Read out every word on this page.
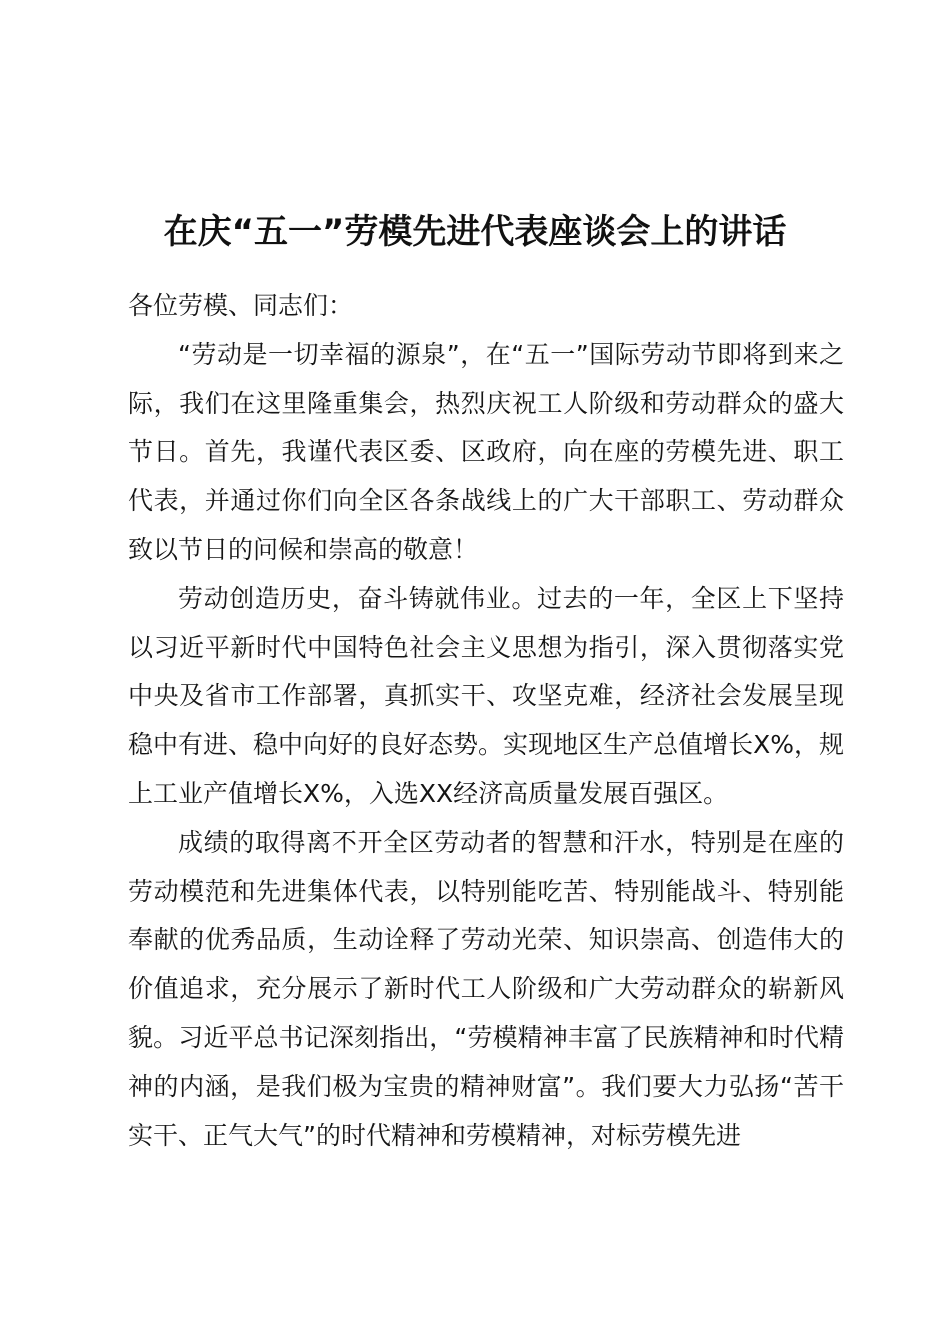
在庆“五一”劳模先进代表座谈会上的讲话

各位劳模、同志们：

“劳动是一切幸福的源泉”，在“五一”国际劳动节即将到来之际，我们在这里隆重集会，热烈庆祝工人阶级和劳动群众的盛大节日。首先，我谨代表区委、区政府，向在座的劳模先进、职工代表，并通过你们向全区各条战线上的广大干部职工、劳动群众致以节日的问候和崇高的敬意！

劳动创造历史，奋斗铸就伟业。过去的一年，全区上下坚持以习近平新时代中国特色社会主义思想为指引，深入贯彻落实党中央及省市工作部署，真抓实干、攻坚克难，经济社会发展呈现稳中有进、稳中向好的良好态势。实现地区生产总值增长X%，规上工业产值增长X%，入选XX经济高质量发展百强区。

成绩的取得离不开全区劳动者的智慧和汗水，特别是在座的劳动模范和先进集体代表，以特别能吃苦、特别能战斗、特别能奉献的优秀品质，生动诠释了劳动光荣、知识崇高、创造伟大的价值追求，充分展示了新时代工人阶级和广大劳动群众的崭新风貌。习近平总书记深刻指出，“劳模精神丰富了民族精神和时代精神的内涵，是我们极为宝贵的精神财富”。我们要大力弘扬“苦干实干、正气大气”的时代精神和劳模精神，对标劳模先进
